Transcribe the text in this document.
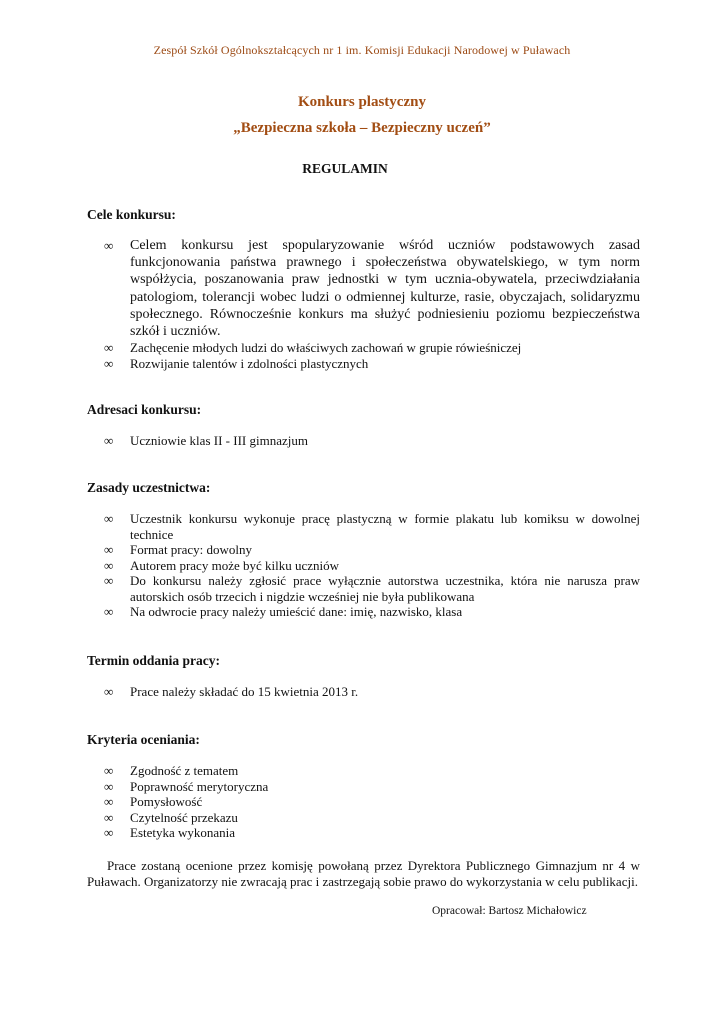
Zespół Szkół Ogólnokształcących nr 1 im. Komisji Edukacji Narodowej w Puławach
Konkurs plastyczny
„Bezpieczna szkoła – Bezpieczny uczeń”
REGULAMIN
Cele konkursu:
∞	Celem konkursu jest spopularyzowanie wśród uczniów podstawowych zasad funkcjonowania państwa prawnego i społeczeństwa obywatelskiego, w tym norm współżycia, poszanowania praw jednostki w tym ucznia-obywatela, przeciwdziałania patologiom, tolerancji wobec ludzi o odmiennej kulturze, rasie, obyczajach, solidaryzmu społecznego. Równocześnie konkurs ma służyć podniesieniu poziomu bezpieczeństwa szkół i uczniów.
∞	Zachęcenie młodych ludzi do właściwych zachowań w grupie rówieśniczej
∞	Rozwijanie talentów i zdolności plastycznych
Adresaci konkursu:
∞	Uczniowie klas II - III gimnazjum
Zasady uczestnictwa:
∞	Uczestnik konkursu wykonuje pracę plastyczną w formie plakatu lub komiksu w dowolnej technice
∞	Format pracy: dowolny
∞	Autorem pracy może być kilku uczniów
∞	Do konkursu należy zgłosić prace wyłącznie autorstwa uczestnika, która nie narusza praw autorskich osób trzecich i nigdzie wcześniej nie była publikowana
∞	Na odwrocie pracy należy umieścić dane: imię, nazwisko, klasa
Termin oddania pracy:
∞	Prace należy składać do 15 kwietnia 2013 r.
Kryteria oceniania:
∞	Zgodność z tematem
∞	Poprawność merytoryczna
∞	Pomysłowość
∞	Czytelność przekazu
∞	Estetyka wykonania
Prace zostaną ocenione przez komisję powołaną przez Dyrektora Publicznego Gimnazjum nr 4 w Puławach. Organizatorzy nie zwracają prac i zastrzegają sobie prawo do wykorzystania w celu publikacji.
Opracował: Bartosz Michałowicz
